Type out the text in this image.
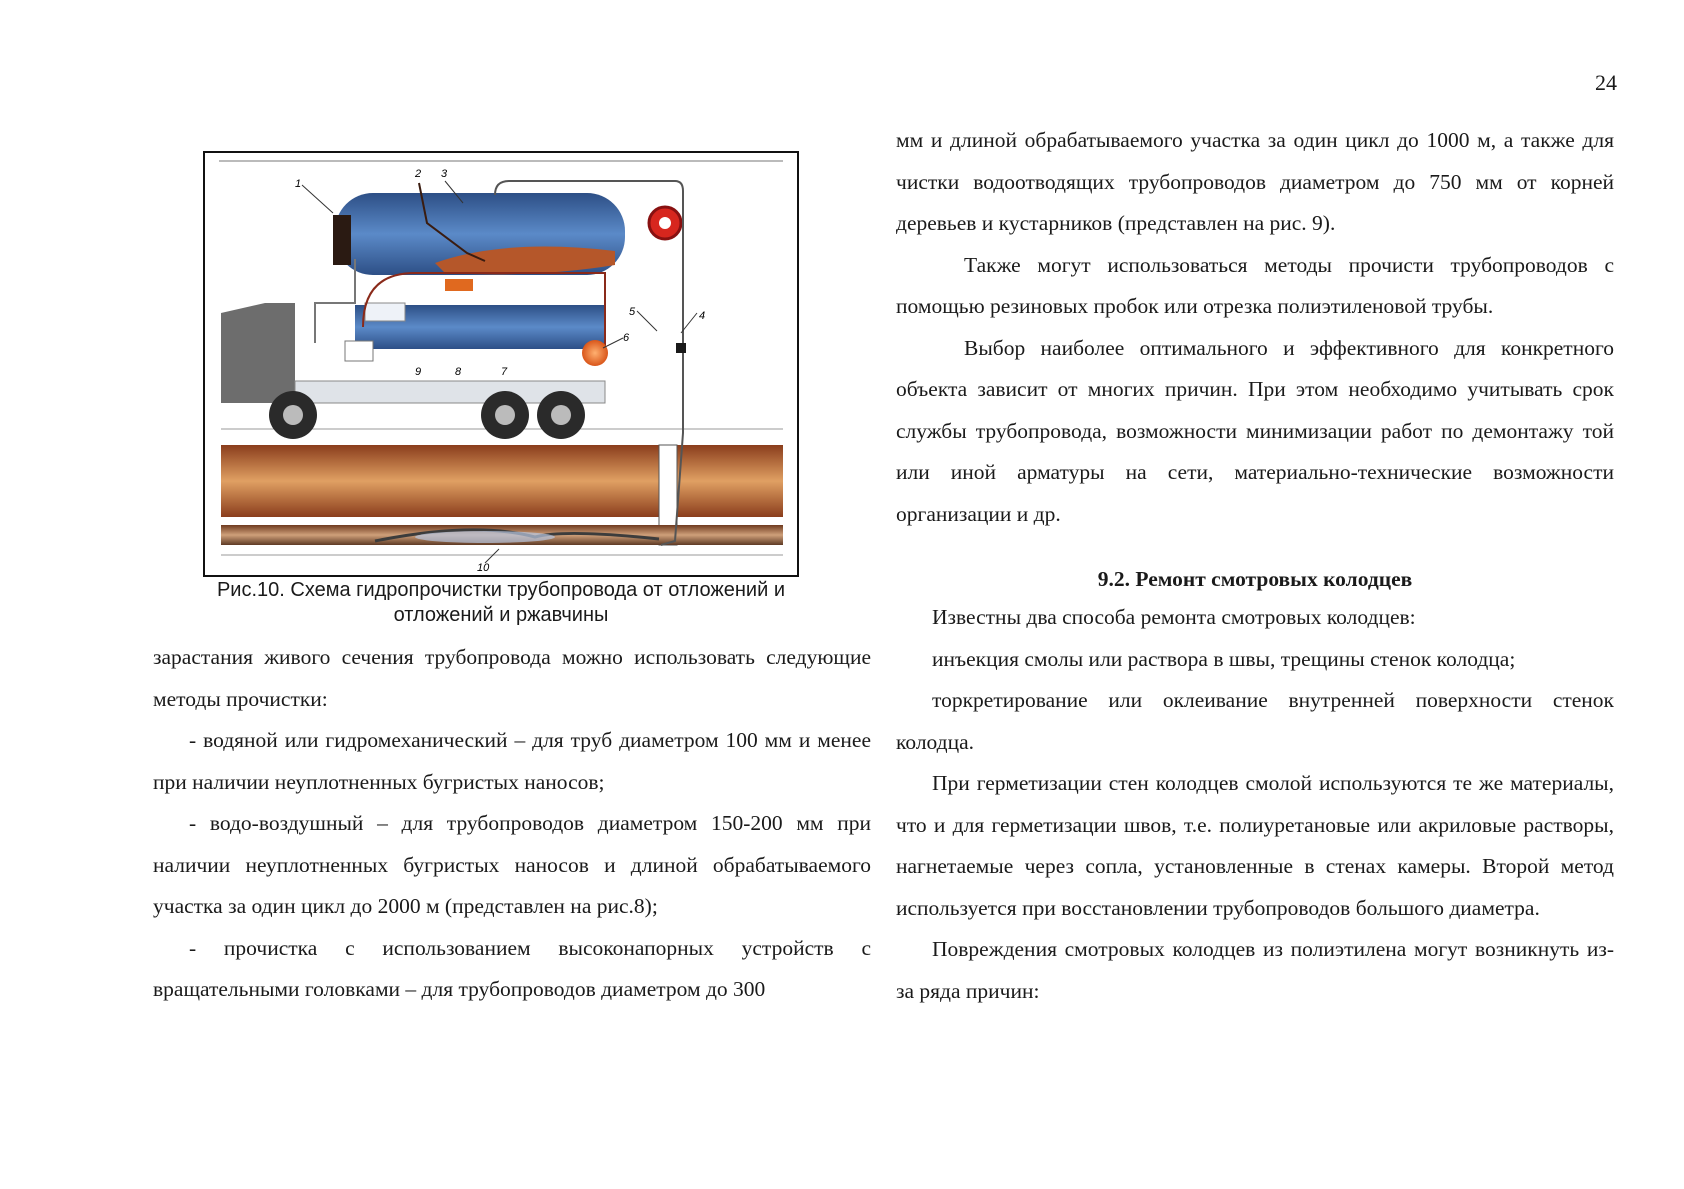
24
1
2 3
4
5
6
7
8
9
10
Рис.10. Схема гидропрочистки трубопровода от отложений и
отложений и ржавчины

зарастания живого сечения трубопровода можно использовать следующие методы прочистки:

- водяной или гидромеханический – для труб диаметром 100 мм и менее при наличии неуплотненных бугристых наносов;

- водо-воздушный – для трубопроводов диаметром 150-200 мм при наличии неуплотненных бугристых наносов и длиной обрабатываемого участка за один цикл до 2000 м (представлен на рис.8);

- прочистка с использованием высоконапорных устройств с вращательными головками – для трубопроводов диаметром до 300

мм и длиной обрабатываемого участка за один цикл до 1000 м, а также для чистки водоотводящих трубопроводов диаметром до 750 мм от корней деревьев и кустарников (представлен на рис. 9).

Также могут использоваться методы прочисти трубопроводов с помощью резиновых пробок или отрезка полиэтиленовой трубы.

Выбор наиболее оптимального и эффективного для конкретного объекта зависит от многих причин. При этом необходимо учитывать срок службы трубопровода, возможности минимизации работ по демонтажу той или иной арматуры на сети, материально-технические возможности организации и др.

9.2. Ремонт смотровых колодцев

Известны два способа ремонта смотровых колодцев:

инъекция смолы или раствора в швы, трещины стенок колодца;

торкретирование или оклеивание внутренней поверхности стенок колодца.

При герметизации стен колодцев смолой используются те же материалы, что и для герметизации швов, т.е. полиуретановые или акриловые растворы, нагнетаемые через сопла, установленные в стенах камеры. Второй метод используется при восстановлении трубопроводов большого диаметра.

Повреждения смотровых колодцев из полиэтилена могут возникнуть из-за ряда причин:
